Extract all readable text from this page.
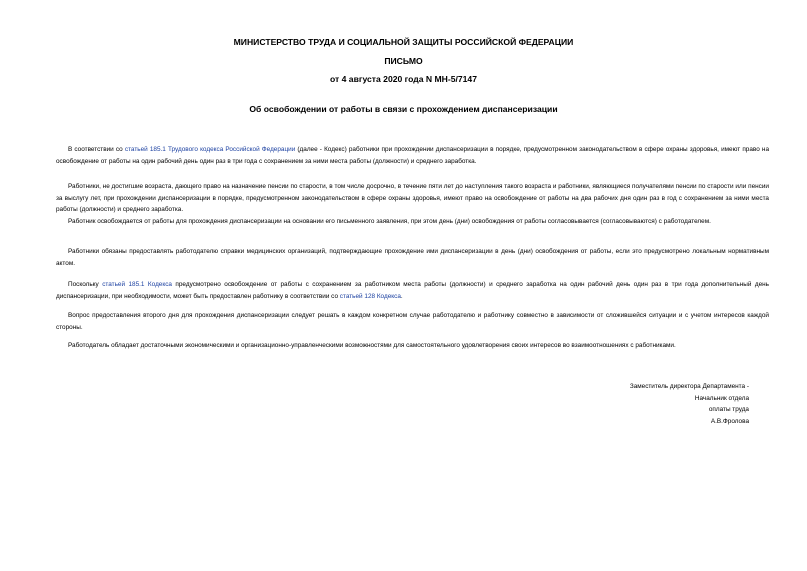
МИНИСТЕРСТВО ТРУДА И СОЦИАЛЬНОЙ ЗАЩИТЫ РОССИЙСКОЙ ФЕДЕРАЦИИ
ПИСЬМО
от 4 августа 2020 года N МН-5/7147
Об освобождении от работы в связи с прохождением диспансеризации

В соответствии со статьей 185.1 Трудового кодекса Российской Федерации (далее - Кодекс) работники при прохождении диспансеризации в порядке, предусмотренном законодательством в сфере охраны здоровья, имеют право на освобождение от работы на один рабочий день один раз в три года с сохранением за ними места работы (должности) и среднего заработка.

Работники, не достигшие возраста, дающего право на назначение пенсии по старости, в том числе досрочно, в течение пяти лет до наступления такого возраста и работники, являющиеся получателями пенсии по старости или пенсии за выслугу лет, при прохождении диспансеризации в порядке, предусмотренном законодательством в сфере охраны здоровья, имеют право на освобождение от работы на два рабочих дня один раз в год с сохранением за ними места работы (должности) и среднего заработка.

Работник освобождается от работы для прохождения диспансеризации на основании его письменного заявления, при этом день (дни) освобождения от работы согласовывается (согласовываются) с работодателем.

Работники обязаны предоставлять работодателю справки медицинских организаций, подтверждающие прохождение ими диспансеризации в день (дни) освобождения от работы, если это предусмотрено локальным нормативным актом.

Поскольку статьей 185.1 Кодекса предусмотрено освобождение от работы с сохранением за работником места работы (должности) и среднего заработка на один рабочий день один раз в три года дополнительный день диспансеризации, при необходимости, может быть предоставлен работнику в соответствии со статьей 128 Кодекса.

Вопрос предоставления второго дня для прохождения диспансеризации следует решать в каждом конкретном случае работодателю и работнику совместно в зависимости от сложившейся ситуации и с учетом интересов каждой стороны.

Работодатель обладает достаточными экономическими и организационно-управленческими возможностями для самостоятельного удовлетворения своих интересов во взаимоотношениях с работниками.

Заместитель директора Департамента -
Начальник отдела
оплаты труда
А.В.Фролова
